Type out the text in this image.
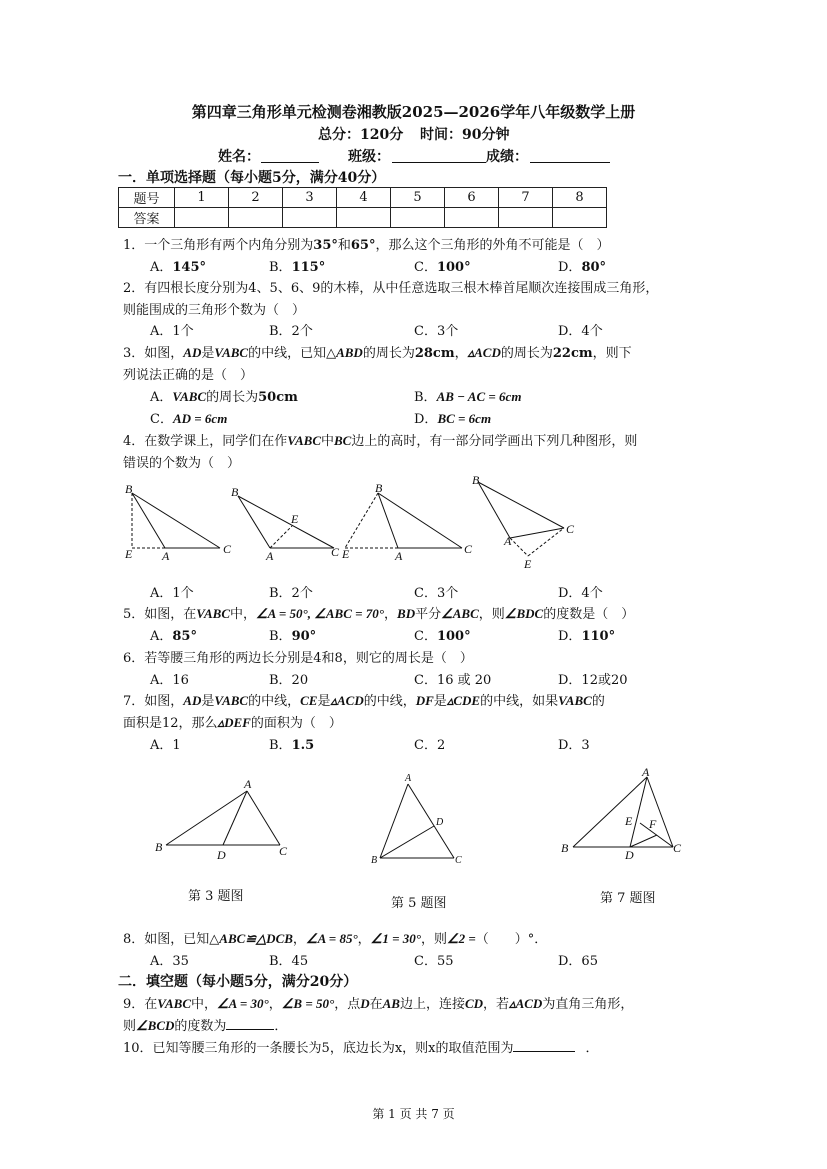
第四章三角形单元检测卷湘教版2025—2026学年八年级数学上册
总分：120分 时间：90分钟
姓名：	班级：	成绩：
一．单项选择题（每小题5分，满分40分）
题号	1	2	3	4	5	6	7	8
答案								
1．一个三角形有两个内角分别为35°和65°，那么这个三角形的外角不可能是（　）
A．145°	B．115°	C．100°	D．80°
2．有四根长度分别为4、5、6、9的木棒，从中任意选取三根木棒首尾顺次连接围成三角形，
则能围成的三角形个数为（　）
A．1个	B．2个	C．3个	D．4个
3．如图，AD是VABC的中线，已知△ABD的周长为28cm，▵ACD的周长为22cm，则下
列说法正确的是（　）
A．VABC的周长为50cm	B．AB − AC = 6cm
C．AD = 6cm	D．BC = 6cm
4．在数学课上，同学们在作VABC中BC边上的高时，有一部分同学画出下列几种图形，则
错误的个数为（　）
B
E A	C
B
E
A	C
B
E	A	C
B
A
C
E
A．1个	B．2个	C．3个	D．4个
5．如图，在VABC中，∠A = 50°, ∠ABC = 70°，BD平分∠ABC，则∠BDC的度数是（　）
A．85°	B．90°	C．100°	D．110°
6．若等腰三角形的两边长分别是4和8，则它的周长是（　）
A．16	B．20	C．16 或 20	D．12或20
7．如图，AD是VABC的中线，CE是▵ACD的中线，DF是▵CDE的中线，如果VABC的
面积是12，那么▵DEF的面积为（　）
A．1	B．1.5	C．2	D．3
A
B
D	C
A
B
D
C
A
B	D	C
E F
第 3 题图	第 5 题图	第 7 题图
8．如图，已知△ABC≌△DCB，∠A = 85°，∠1 = 30°，则∠2 =（　　）°．
A．35	B．45	C．55	D．65
二．填空题（每小题5分，满分20分）
9．在VABC中，∠A = 30°，∠B = 50°，点D在AB边上，连接CD，若▵ACD为直角三角形，
则∠BCD的度数为	．
10．已知等腰三角形的一条腰长为5，底边长为x，则x的取值范围为	．
第 1 页 共 7 页
